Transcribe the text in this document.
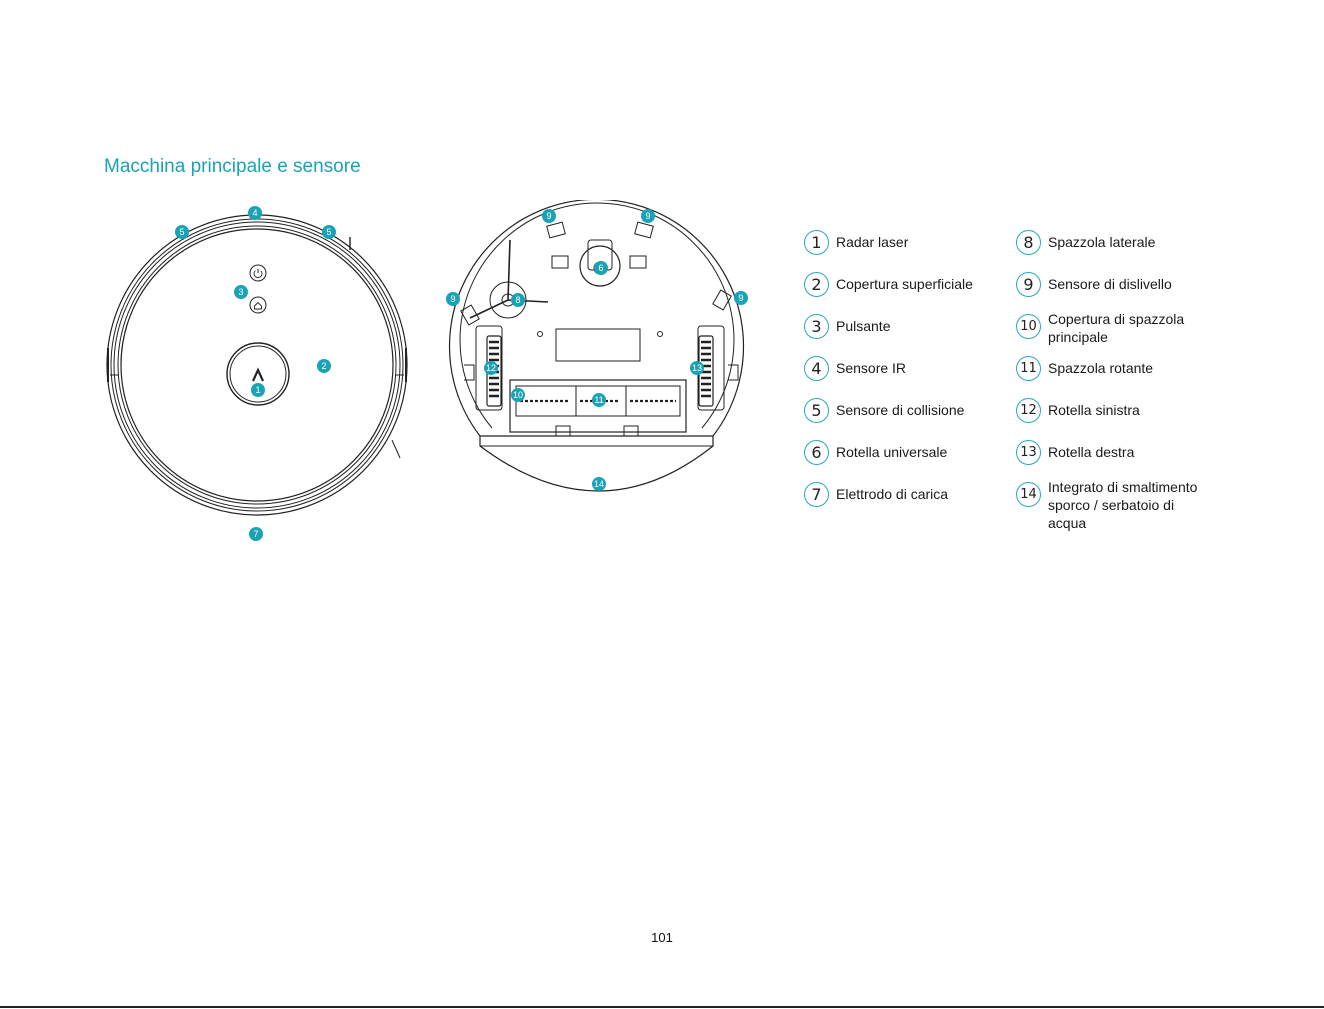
Macchina principale e sensore
4
5	5
3
2
1
7
9	9
9	9
6
8
12	13
10	11
14
1	Radar laser
2	Copertura superficiale
3	Pulsante
4	Sensore IR
5	Sensore di collisione
6	Rotella universale
7	Elettrodo di carica
8	Spazzola laterale
9	Sensore di dislivello
10 Copertura di spazzola principale
11 Spazzola rotante
12 Rotella sinistra
13 Rotella destra
14 Integrato di smaltimento sporco / serbatoio di acqua
101
